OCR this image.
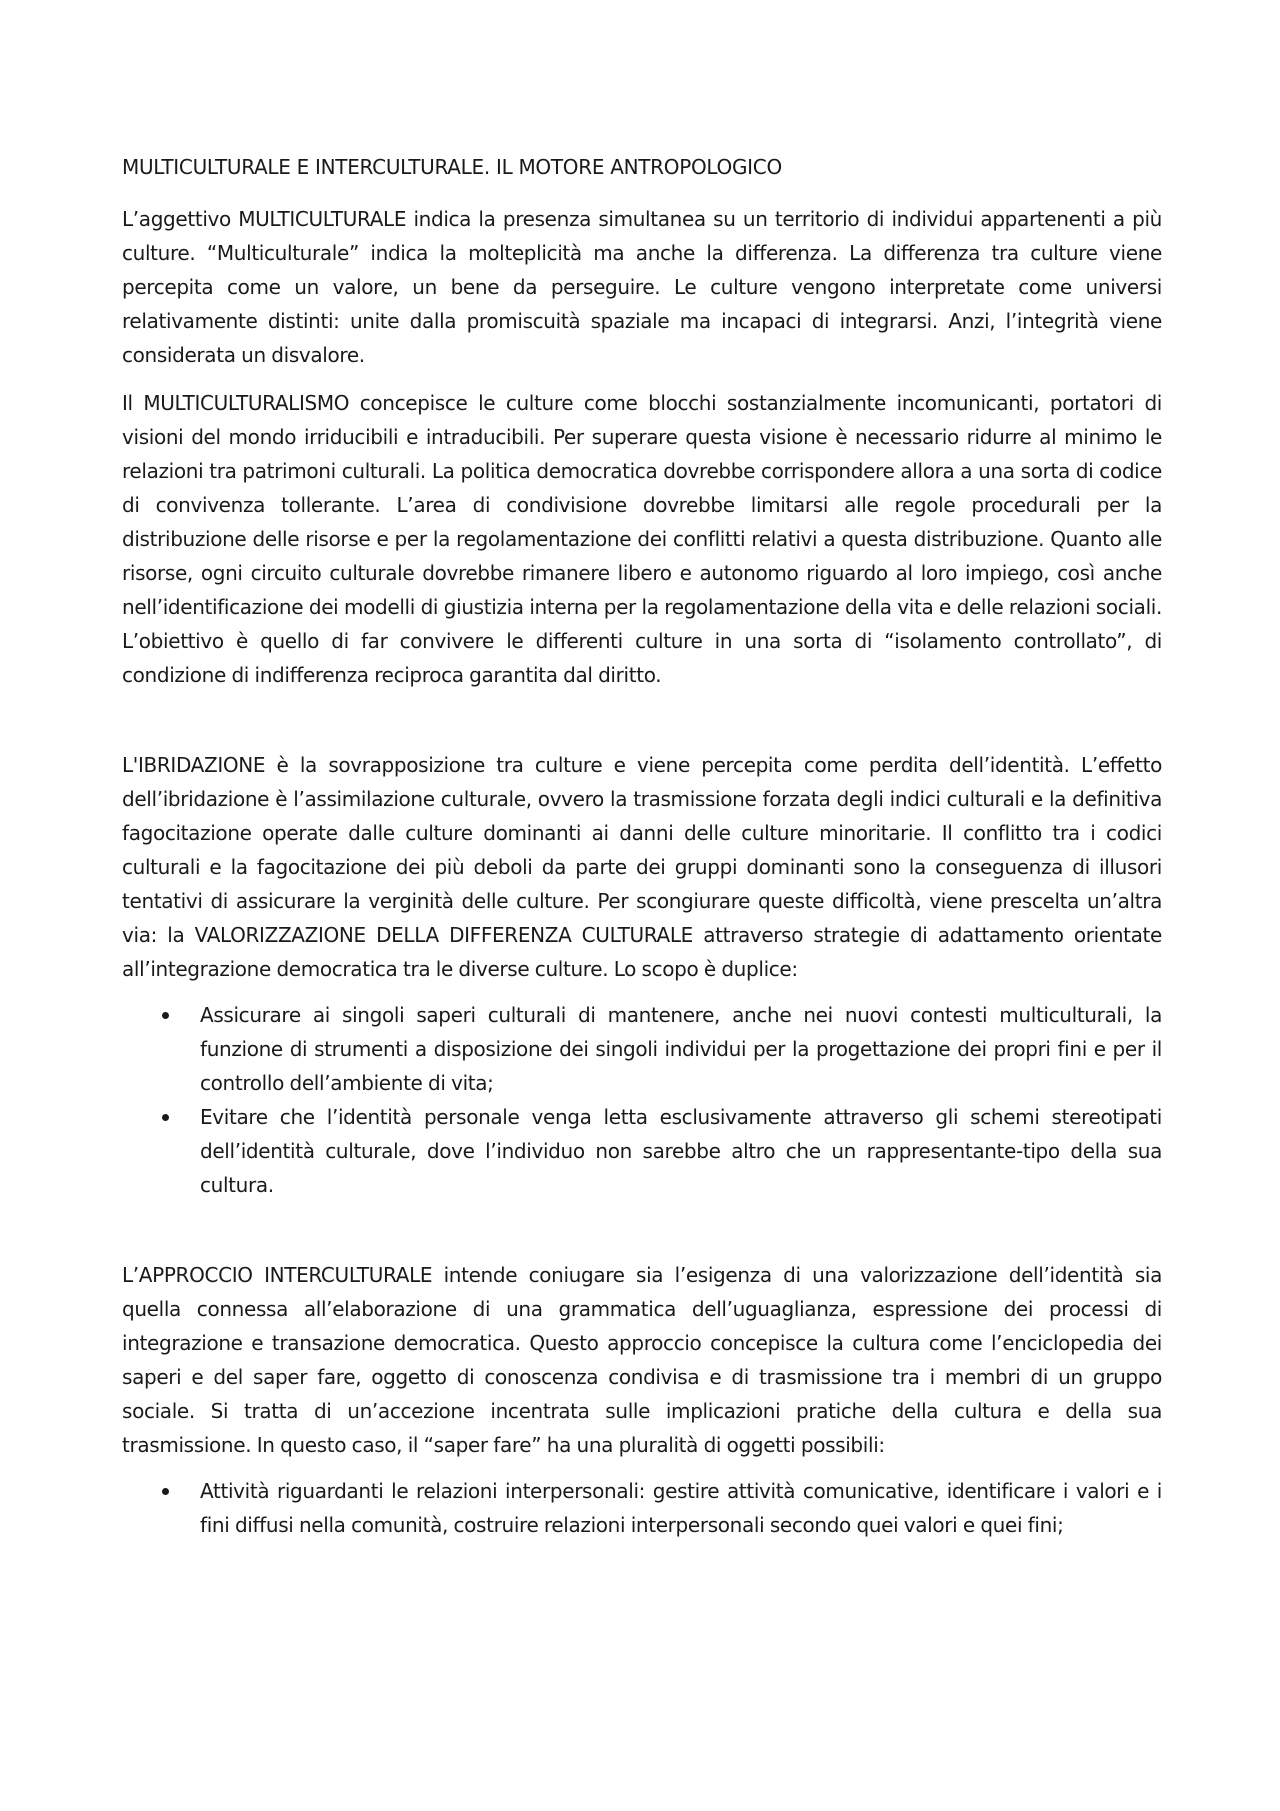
MULTICULTURALE E INTERCULTURALE. IL MOTORE ANTROPOLOGICO

L’aggettivo MULTICULTURALE indica la presenza simultanea su un territorio di individui appartenenti a più culture. “Multiculturale” indica la molteplicità ma anche la differenza. La differenza tra culture viene percepita come un valore, un bene da perseguire. Le culture vengono interpretate come universi relativamente distinti: unite dalla promiscuità spaziale ma incapaci di integrarsi. Anzi, l’integrità viene considerata un disvalore.

Il MULTICULTURALISMO concepisce le culture come blocchi sostanzialmente incomunicanti, portatori di visioni del mondo irriducibili e intraducibili. Per superare questa visione è necessario ridurre al minimo le relazioni tra patrimoni culturali. La politica democratica dovrebbe corrispondere allora a una sorta di codice di convivenza tollerante. L’area di condivisione dovrebbe limitarsi alle regole procedurali per la distribuzione delle risorse e per la regolamentazione dei conflitti relativi a questa distribuzione. Quanto alle risorse, ogni circuito culturale dovrebbe rimanere libero e autonomo riguardo al loro impiego, così anche nell’identificazione dei modelli di giustizia interna per la regolamentazione della vita e delle relazioni sociali. L’obiettivo è quello di far convivere le differenti culture in una sorta di “isolamento controllato”, di condizione di indifferenza reciproca garantita dal diritto.

L'IBRIDAZIONE è la sovrapposizione tra culture e viene percepita come perdita dell’identità. L’effetto dell’ibridazione è l’assimilazione culturale, ovvero la trasmissione forzata degli indici culturali e la definitiva fagocitazione operate dalle culture dominanti ai danni delle culture minoritarie. Il conflitto tra i codici culturali e la fagocitazione dei più deboli da parte dei gruppi dominanti sono la conseguenza di illusori tentativi di assicurare la verginità delle culture. Per scongiurare queste difficoltà, viene prescelta un’altra via: la VALORIZZAZIONE DELLA DIFFERENZA CULTURALE attraverso strategie di adattamento orientate all’integrazione democratica tra le diverse culture. Lo scopo è duplice:

Assicurare ai singoli saperi culturali di mantenere, anche nei nuovi contesti multiculturali, la funzione di strumenti a disposizione dei singoli individui per la progettazione dei propri fini e per il controllo dell’ambiente di vita;
Evitare che l’identità personale venga letta esclusivamente attraverso gli schemi stereotipati dell’identità culturale, dove l’individuo non sarebbe altro che un rappresentante-tipo della sua cultura.

L’APPROCCIO INTERCULTURALE intende coniugare sia l’esigenza di una valorizzazione dell’identità sia quella connessa all’elaborazione di una grammatica dell’uguaglianza, espressione dei processi di integrazione e transazione democratica. Questo approccio concepisce la cultura come l’enciclopedia dei saperi e del saper fare, oggetto di conoscenza condivisa e di trasmissione tra i membri di un gruppo sociale. Si tratta di un’accezione incentrata sulle implicazioni pratiche della cultura e della sua trasmissione. In questo caso, il “saper fare” ha una pluralità di oggetti possibili:

Attività riguardanti le relazioni interpersonali: gestire attività comunicative, identificare i valori e i fini diffusi nella comunità, costruire relazioni interpersonali secondo quei valori e quei fini;
